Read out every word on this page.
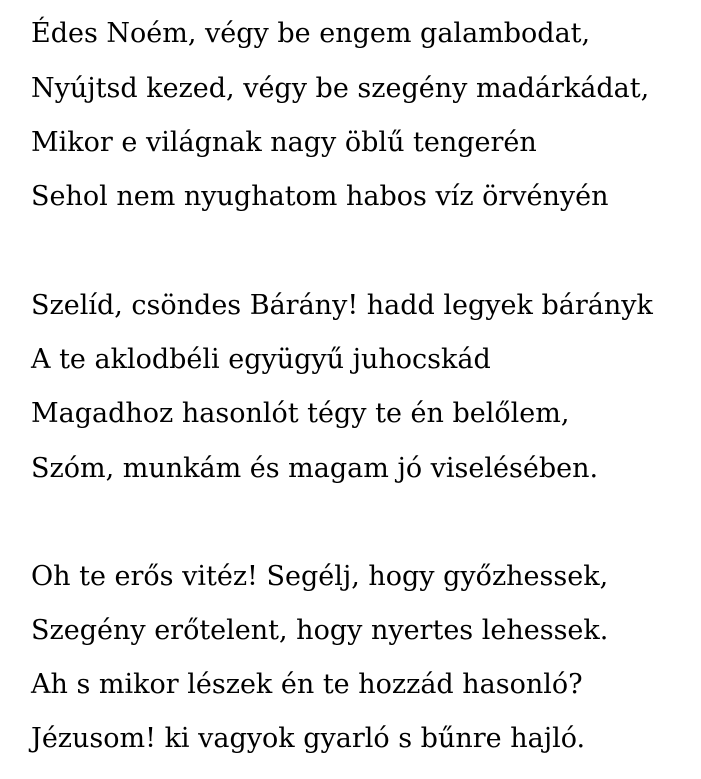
Édes Noém, végy be engem galambodat,

Nyújtsd kezed, végy be szegény madárkádat,

Mikor e világnak nagy öblű tengerén

Sehol nem nyughatom habos víz örvényén

Szelíd, csöndes Bárány! hadd legyek bárányk

A te aklodbéli együgyű juhocskád

Magadhoz hasonlót tégy te én belőlem,

Szóm, munkám és magam jó viselésében.

Oh te erős vitéz! Segélj, hogy győzhessek,

Szegény erőtelent, hogy nyertes lehessek.

Ah s mikor lészek én te hozzád hasonló?

Jézusom! ki vagyok gyarló s bűnre hajló.
